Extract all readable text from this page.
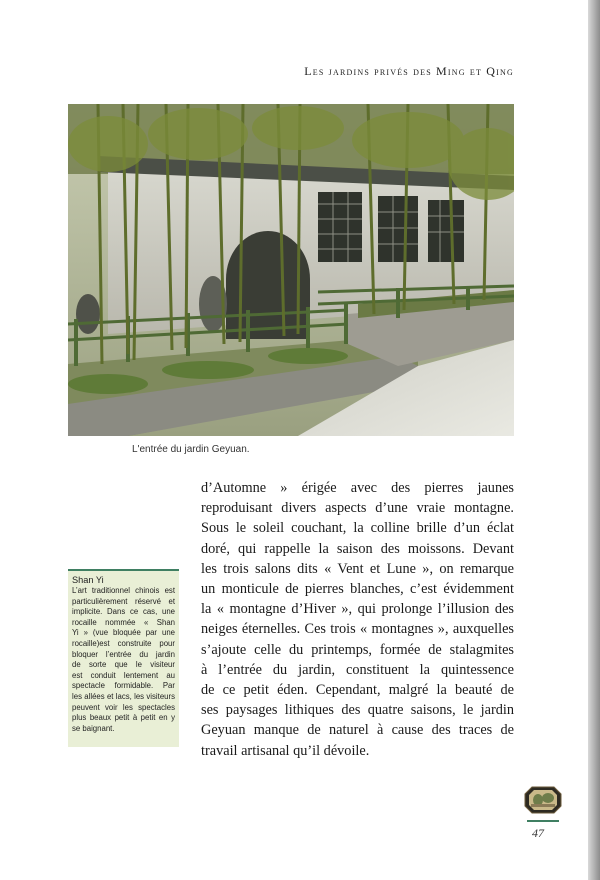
Les jardins privés des Ming et Qing
L'entrée du jardin Geyuan.
d’Automne » érigée avec des pierres jaunes
reproduisant divers aspects d’une vraie montagne.
Sous le soleil couchant, la colline brille d’un éclat
doré, qui rappelle la saison des moissons. Devant
les trois salons dits « Vent et Lune », on remarque
un monticule de pierres blanches, c’est évidemment
la « montagne d’Hiver », qui prolonge l’illusion des
neiges éternelles. Ces trois « montagnes », auxquelles
s’ajoute celle du printemps, formée de stalagmites
à l’entrée du jardin, constituent la quintessence
de ce petit éden. Cependant, malgré la beauté de
ses paysages lithiques des quatre saisons, le jardin
Geyuan manque de naturel à cause des traces de
travail artisanal qu’il dévoile.
Shan Yi
L’art traditionnel chinois est
particulièrement réservé et
implicite. Dans ce cas, une
rocaille nommée « Shan
Yi » (vue bloquée par une
rocaille)est construite pour
bloquer l’entrée du jardin
de sorte que le visiteur
est conduit lentement au
spectacle formidable. Par
les allées et lacs, les visiteurs
peuvent voir les spectacles
plus beaux petit à petit en y
se baignant.
47
